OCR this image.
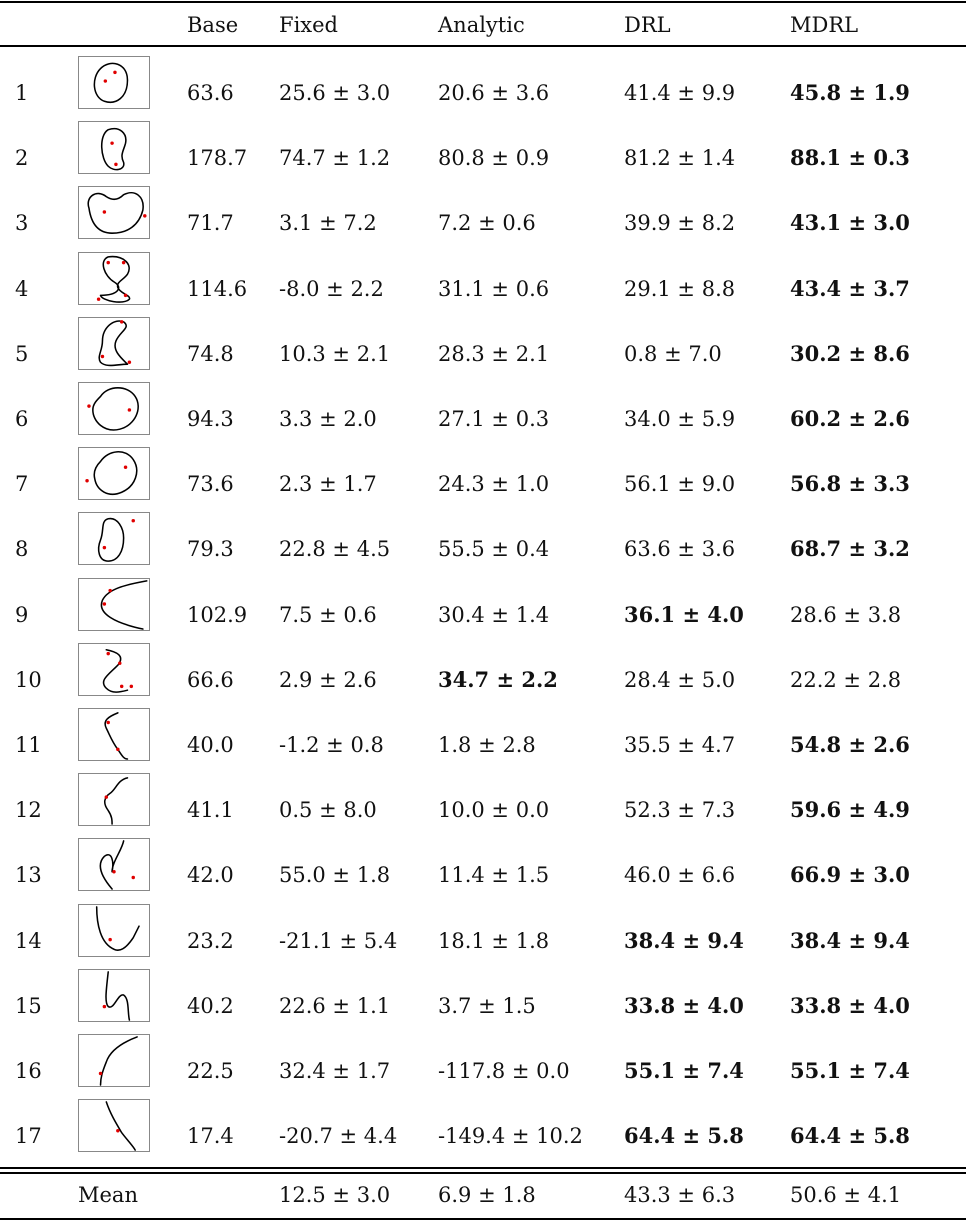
Base Fixed	Analytic	DRL	MDRL
1	63.6 25.6 ± 3.0 20.6 ± 3.6	41.4 ± 9.9	45.8 ± 1.9
2	178.7 74.7 ± 1.2 80.8 ± 0.9	81.2 ± 1.4	88.1 ± 0.3
3	71.7 3.1 ± 7.2	7.2 ± 0.6	39.9 ± 8.2	43.1 ± 3.0
4	114.6 -8.0 ± 2.2	31.1 ± 0.6	29.1 ± 8.8	43.4 ± 3.7
5	74.8 10.3 ± 2.1 28.3 ± 2.1	0.8 ± 7.0	30.2 ± 8.6
6	94.3 3.3 ± 2.0	27.1 ± 0.3	34.0 ± 5.9	60.2 ± 2.6
7	73.6 2.3 ± 1.7	24.3 ± 1.0	56.1 ± 9.0	56.8 ± 3.3
8	79.3 22.8 ± 4.5 55.5 ± 0.4	63.6 ± 3.6	68.7 ± 3.2
9	102.9 7.5 ± 0.6	30.4 ± 1.4	36.1 ± 4.0 28.6 ± 3.8
10	66.6 2.9 ± 2.6	34.7 ± 2.2	28.4 ± 5.0	22.2 ± 2.8
11	40.0 -1.2 ± 0.8	1.8 ± 2.8	35.5 ± 4.7	54.8 ± 2.6
12	41.1 0.5 ± 8.0	10.0 ± 0.0	52.3 ± 7.3	59.6 ± 4.9
13	42.0 55.0 ± 1.8 11.4 ± 1.5	46.0 ± 6.6	66.9 ± 3.0
14	23.2 -21.1 ± 5.4 18.1 ± 1.8	38.4 ± 9.4 38.4 ± 9.4
15	40.2 22.6 ± 1.1 3.7 ± 1.5	33.8 ± 4.0 33.8 ± 4.0
16	22.5 32.4 ± 1.7 -117.8 ± 0.0	55.1 ± 7.4 55.1 ± 7.4
17	17.4 -20.7 ± 4.4 -149.4 ± 10.2 64.4 ± 5.8 64.4 ± 5.8
Mean	12.5 ± 3.0 6.9 ± 1.8	43.3 ± 6.3	50.6 ± 4.1
